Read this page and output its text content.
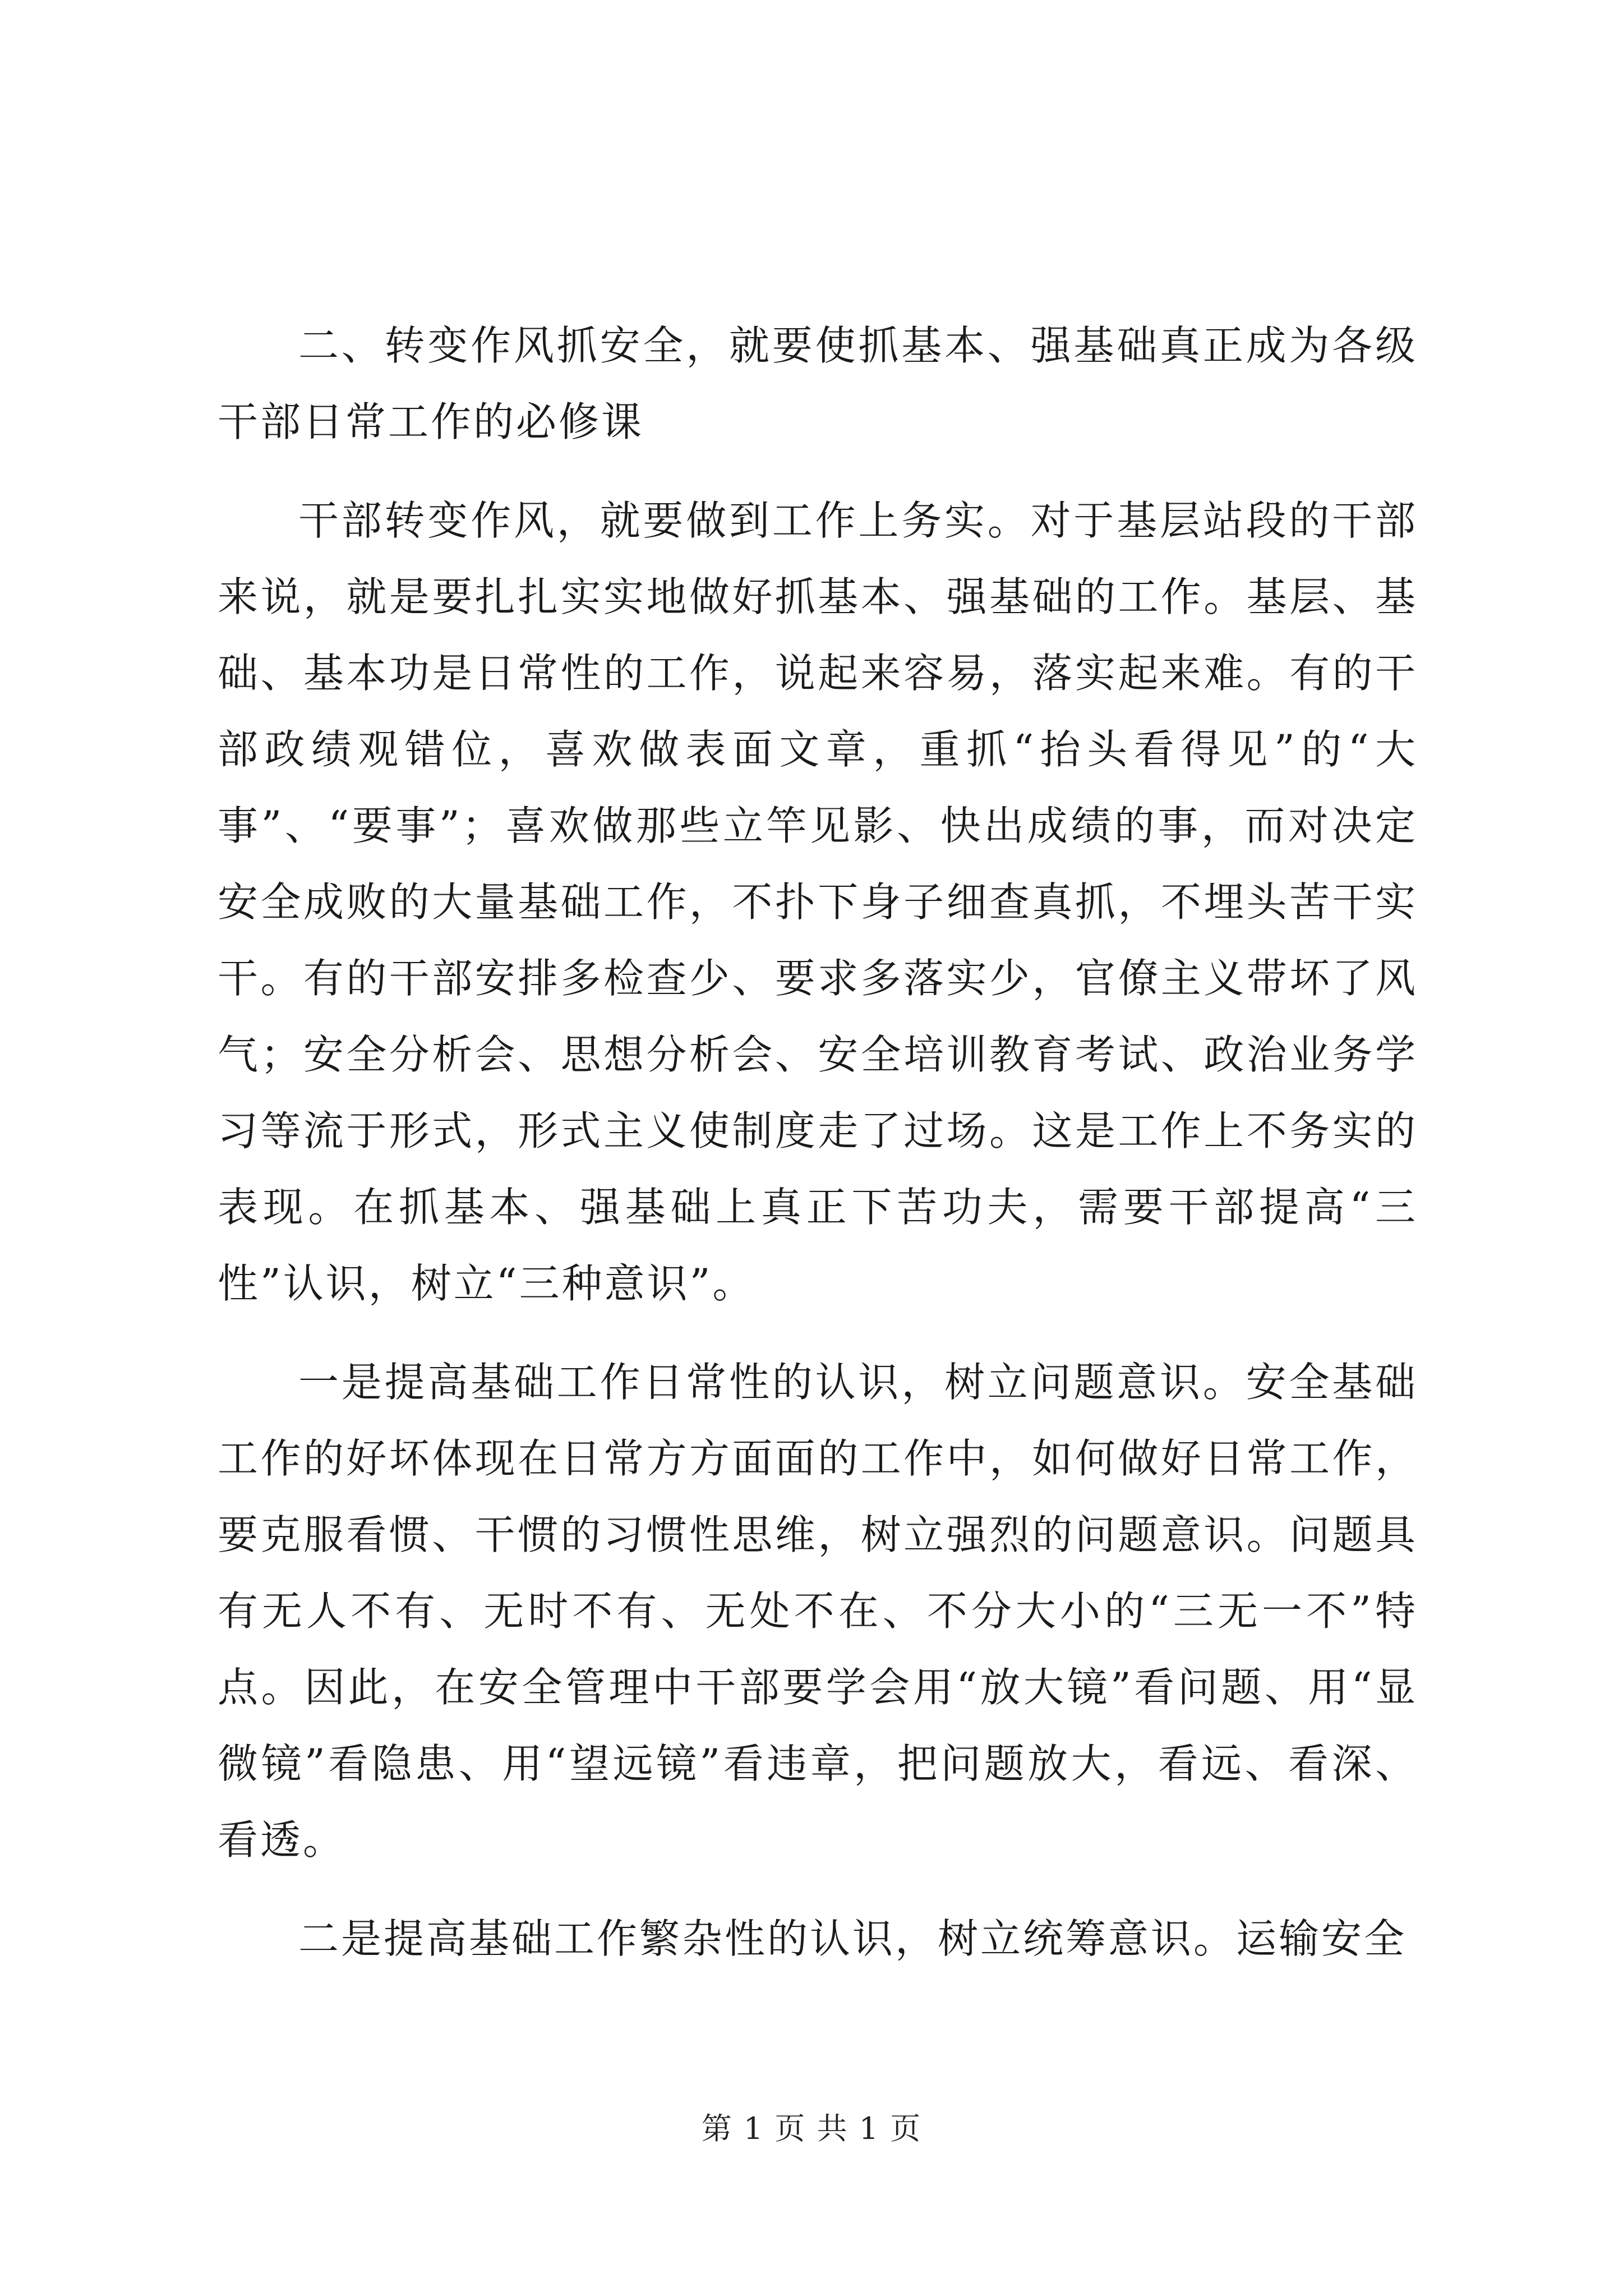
二、转变作风抓安全，就要使抓基本、强基础真正成为各级干部日常工作的必修课

干部转变作风，就要做到工作上务实。对于基层站段的干部来说，就是要扎扎实实地做好抓基本、强基础的工作。基层、基础、基本功是日常性的工作，说起来容易，落实起来难。有的干部政绩观错位，喜欢做表面文章，重抓“抬头看得见”的“大事”、“要事”；喜欢做那些立竿见影、快出成绩的事，而对决定安全成败的大量基础工作，不扑下身子细查真抓，不埋头苦干实干。有的干部安排多检查少、要求多落实少，官僚主义带坏了风气；安全分析会、思想分析会、安全培训教育考试、政治业务学习等流于形式，形式主义使制度走了过场。这是工作上不务实的表现。在抓基本、强基础上真正下苦功夫，需要干部提高“三性”认识，树立“三种意识”。

一是提高基础工作日常性的认识，树立问题意识。安全基础工作的好坏体现在日常方方面面的工作中，如何做好日常工作，要克服看惯、干惯的习惯性思维，树立强烈的问题意识。问题具有无人不有、无时不有、无处不在、不分大小的“三无一不”特点。因此，在安全管理中干部要学会用“放大镜”看问题、用“显微镜”看隐患、用“望远镜”看违章，把问题放大，看远、看深、看透。

二是提高基础工作繁杂性的认识，树立统筹意识。运输安全

第 1 页 共 1 页
